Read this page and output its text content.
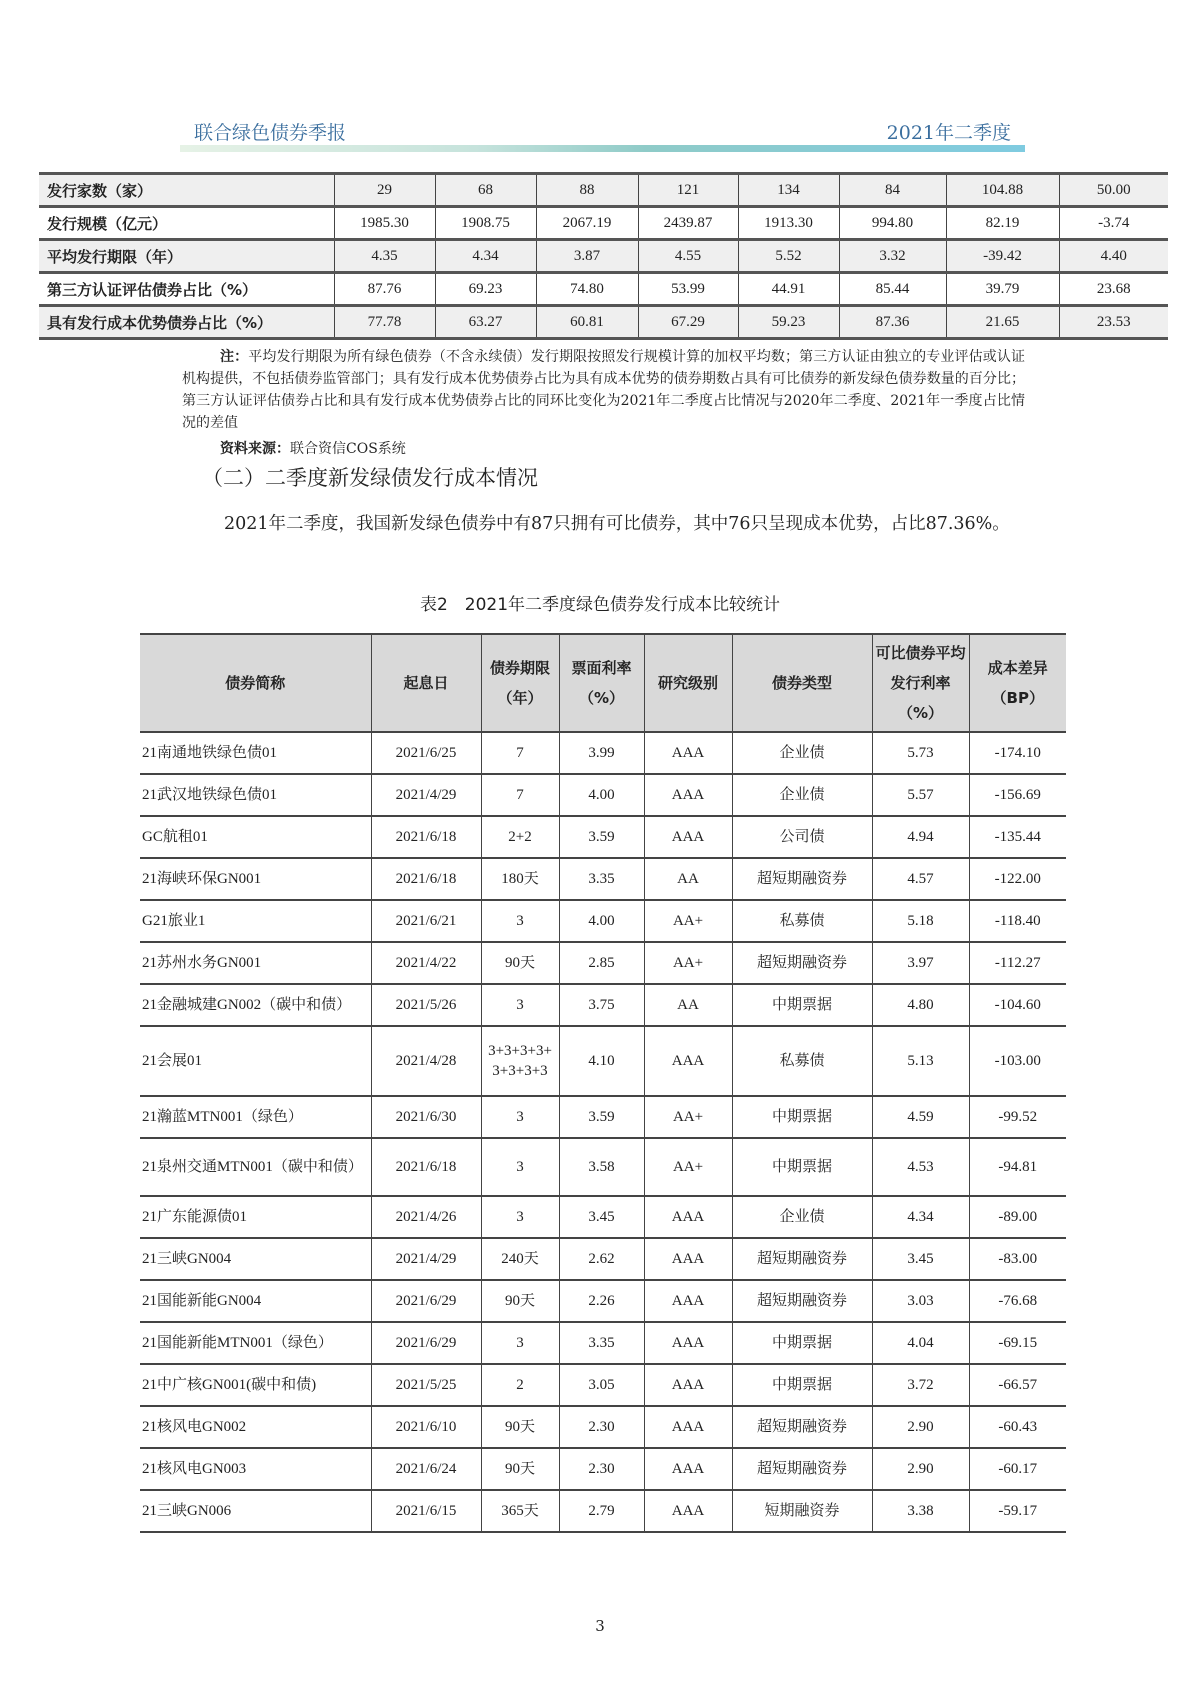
联合绿色债券季报	2021年二季度
发行家数（家）	29	68	88	121	134	84	104.88	50.00
发行规模（亿元）	1985.30	1908.75	2067.19	2439.87	1913.30	994.80	82.19	-3.74
平均发行期限（年）	4.35	4.34	3.87	4.55	5.52	3.32	-39.42	4.40
第三方认证评估债券占比（%）	87.76	69.23	74.80	53.99	44.91	85.44	39.79	23.68
具有发行成本优势债券占比（%）	77.78	63.27	60.81	67.29	59.23	87.36	21.65	23.53
注：平均发行期限为所有绿色债券（不含永续债）发行期限按照发行规模计算的加权平均数；第三方认证由独立的专业评估或认证机构提供，不包括债券监管部门；具有发行成本优势债券占比为具有成本优势的债券期数占具有可比债券的新发绿色债券数量的百分比；第三方认证评估债券占比和具有发行成本优势债券占比的同环比变化为2021年二季度占比情况与2020年二季度、2021年一季度占比情况的差值
资料来源：联合资信COS系统
（二）二季度新发绿债发行成本情况
2021年二季度，我国新发绿色债券中有87只拥有可比债券，其中76只呈现成本优势，占比87.36%。
表2　2021年二季度绿色债券发行成本比较统计
债券简称	起息日	债券期限（年）	票面利率（%）	研究级别	债券类型	可比债券平均发行利率（%）	成本差异（BP）
21南通地铁绿色债01	2021/6/25	7	3.99	AAA	企业债	5.73	-174.10
21武汉地铁绿色债01	2021/4/29	7	4.00	AAA	企业债	5.57	-156.69
GC航租01	2021/6/18	2+2	3.59	AAA	公司债	4.94	-135.44
21海峡环保GN001	2021/6/18	180天	3.35	AA	超短期融资券	4.57	-122.00
G21旅业1	2021/6/21	3	4.00	AA+	私募债	5.18	-118.40
21苏州水务GN001	2021/4/22	90天	2.85	AA+	超短期融资券	3.97	-112.27
21金融城建GN002（碳中和债）	2021/5/26	3	3.75	AA	中期票据	4.80	-104.60
21会展01	2021/4/28	3+3+3+3+3+3+3+3	4.10	AAA	私募债	5.13	-103.00
21瀚蓝MTN001（绿色）	2021/6/30	3	3.59	AA+	中期票据	4.59	-99.52
21泉州交通MTN001（碳中和债）	2021/6/18	3	3.58	AA+	中期票据	4.53	-94.81
21广东能源债01	2021/4/26	3	3.45	AAA	企业债	4.34	-89.00
21三峡GN004	2021/4/29	240天	2.62	AAA	超短期融资券	3.45	-83.00
21国能新能GN004	2021/6/29	90天	2.26	AAA	超短期融资券	3.03	-76.68
21国能新能MTN001（绿色）	2021/6/29	3	3.35	AAA	中期票据	4.04	-69.15
21中广核GN001(碳中和债)	2021/5/25	2	3.05	AAA	中期票据	3.72	-66.57
21核风电GN002	2021/6/10	90天	2.30	AAA	超短期融资券	2.90	-60.43
21核风电GN003	2021/6/24	90天	2.30	AAA	超短期融资券	2.90	-60.17
21三峡GN006	2021/6/15	365天	2.79	AAA	短期融资券	3.38	-59.17
3
